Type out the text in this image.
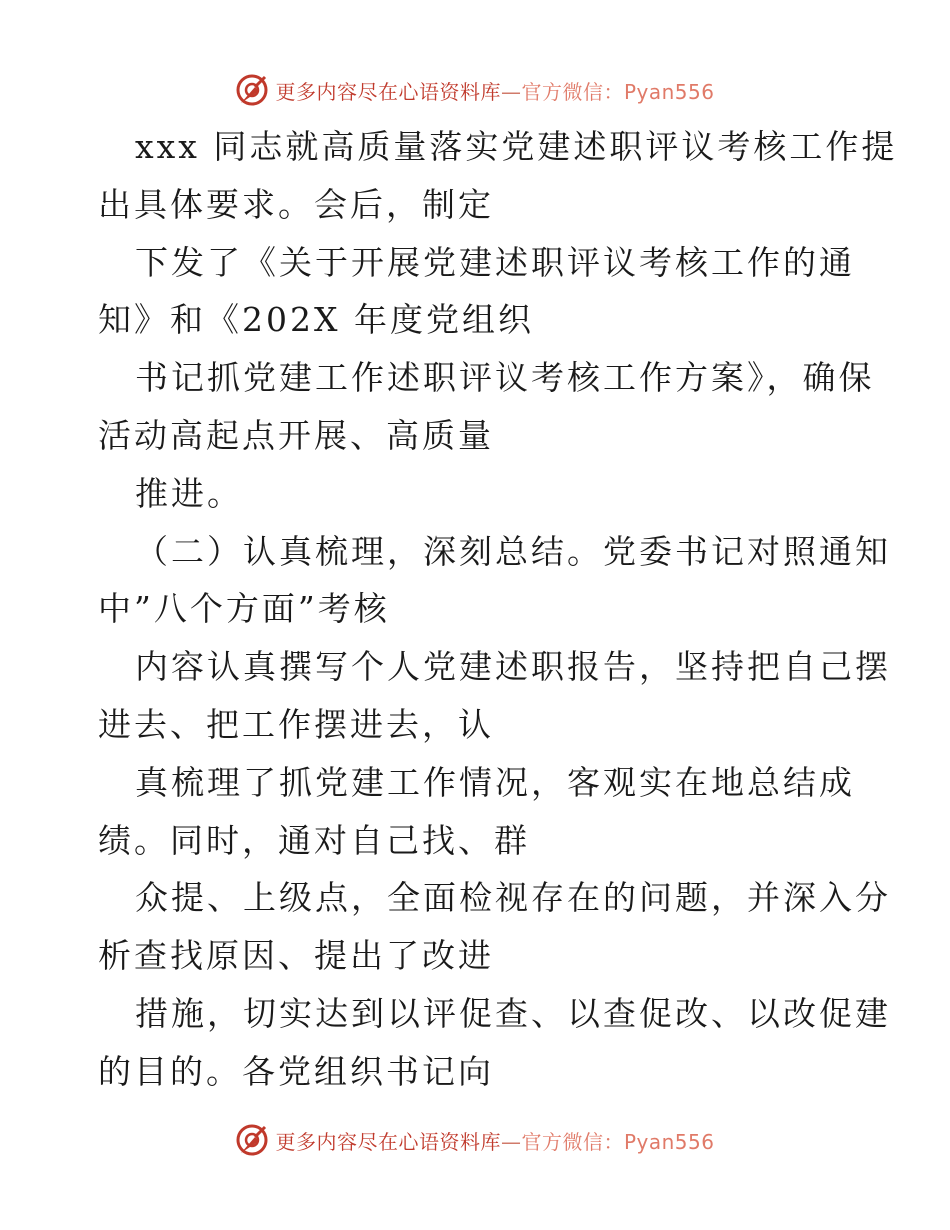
更多内容尽在心语资料库—官方微信：Pyan556
xxx 同志就高质量落实党建述职评议考核工作提
出具体要求。会后，制定
下发了《关于开展党建述职评议考核工作的通
知》和《202X 年度党组织
书记抓党建工作述职评议考核工作方案》，确保
活动高起点开展、高质量
推进。
（二）认真梳理，深刻总结。党委书记对照通知
中”八个方面”考核
内容认真撰写个人党建述职报告，坚持把自己摆
进去、把工作摆进去，认
真梳理了抓党建工作情况，客观实在地总结成
绩。同时，通对自己找、群
众提、上级点，全面检视存在的问题，并深入分
析查找原因、提出了改进
措施，切实达到以评促查、以查促改、以改促建
的目的。各党组织书记向
更多内容尽在心语资料库—官方微信：Pyan556
